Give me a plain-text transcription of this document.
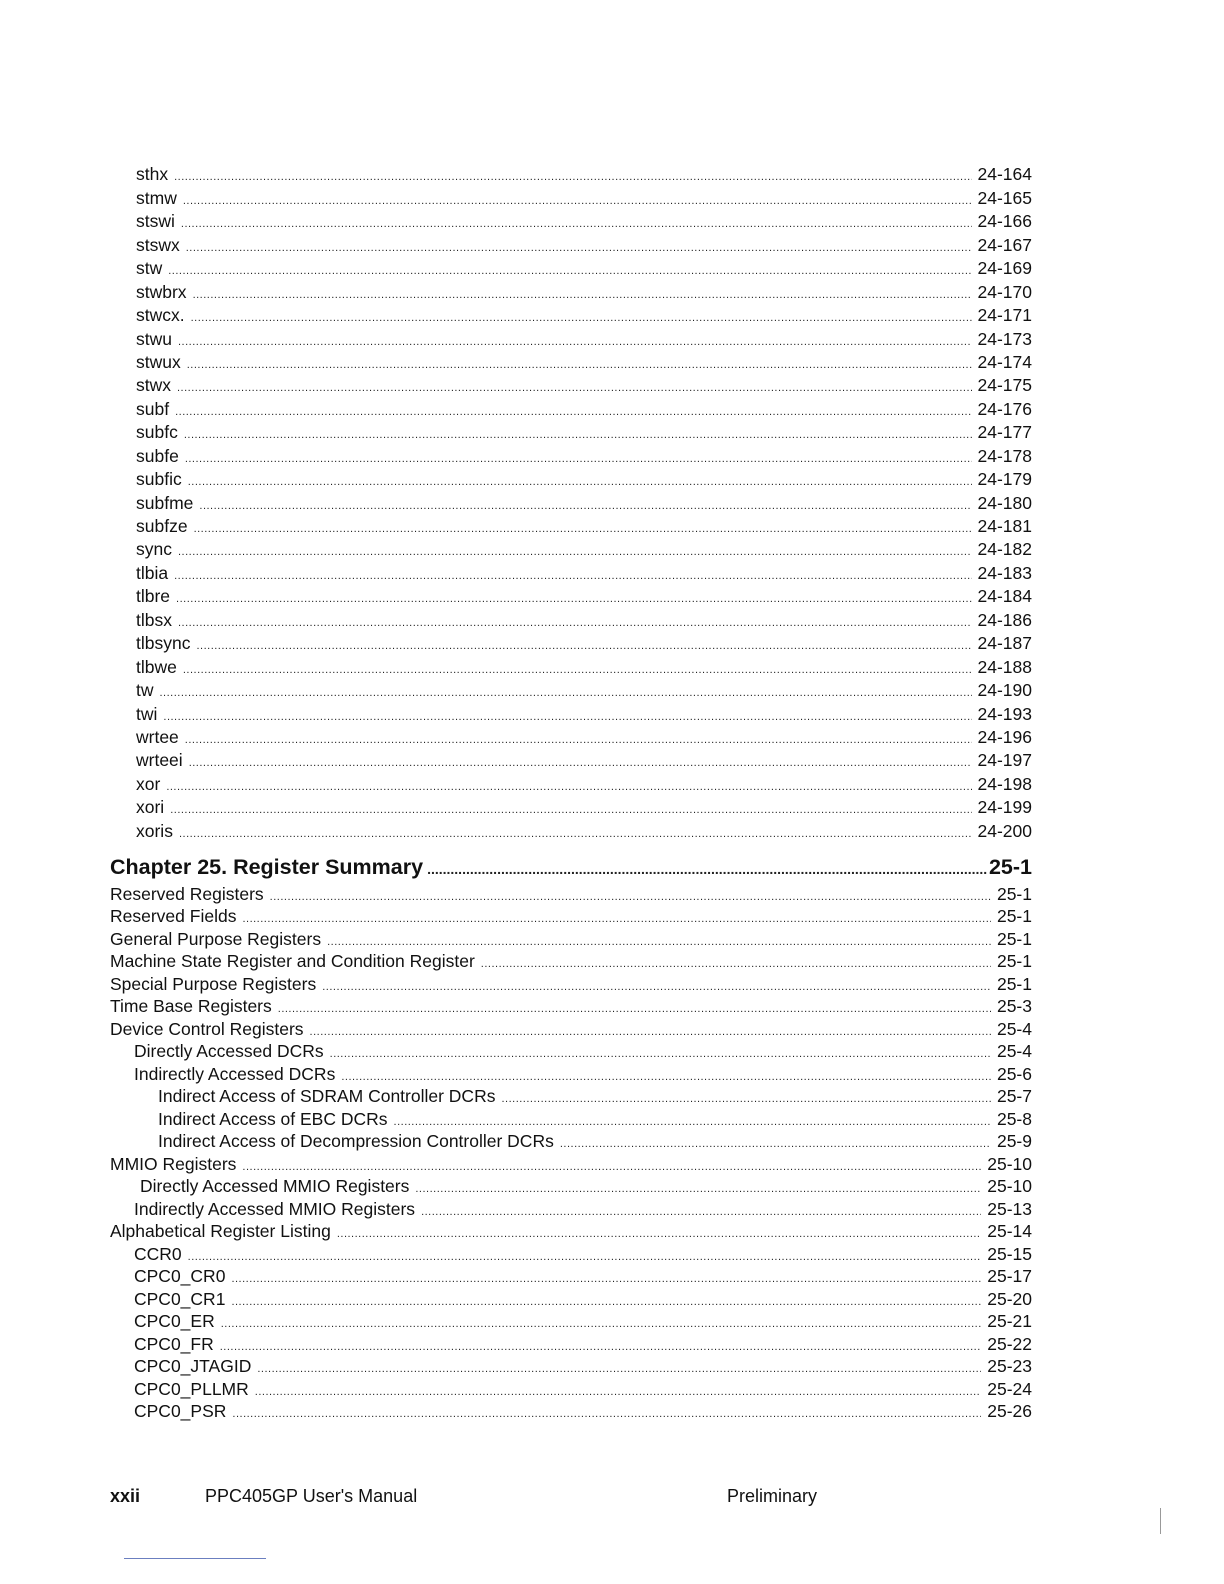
sthx .....	24-164
stmw .....	24-165
stswi .....	24-166
stswx .....	24-167
stw .....	24-169
stwbrx .....	24-170
stwcx. .....	24-171
stwu .....	24-173
stwux .....	24-174
stwx .....	24-175
subf .....	24-176
subfc .....	24-177
subfe .....	24-178
subfic .....	24-179
subfme .....	24-180
subfze .....	24-181
sync .....	24-182
tlbia .....	24-183
tlbre .....	24-184
tlbsx .....	24-186
tlbsync .....	24-187
tlbwe .....	24-188
tw .....	24-190
twi .....	24-193
wrtee .....	24-196
wrteei .....	24-197
xor .....	24-198
xori .....	24-199
xoris .....	24-200
Chapter 25. Register Summary .....	25-1
Reserved Registers .....	25-1
Reserved Fields .....	25-1
General Purpose Registers .....	25-1
Machine State Register and Condition Register .....	25-1
Special Purpose Registers .....	25-1
Time Base Registers .....	25-3
Device Control Registers .....	25-4
Directly Accessed DCRs .....	25-4
Indirectly Accessed DCRs .....	25-6
Indirect Access of SDRAM Controller DCRs .....	25-7
Indirect Access of EBC DCRs .....	25-8
Indirect Access of Decompression Controller DCRs .....	25-9
MMIO Registers .....	25-10
Directly Accessed MMIO Registers .....	25-10
Indirectly Accessed MMIO Registers .....	25-13
Alphabetical Register Listing .....	25-14
CCR0 .....	25-15
CPC0_CR0 .....	25-17
CPC0_CR1 .....	25-20
CPC0_ER .....	25-21
CPC0_FR .....	25-22
CPC0_JTAGID .....	25-23
CPC0_PLLMR .....	25-24
CPC0_PSR .....	25-26
xxii	PPC405GP User's Manual	Preliminary
